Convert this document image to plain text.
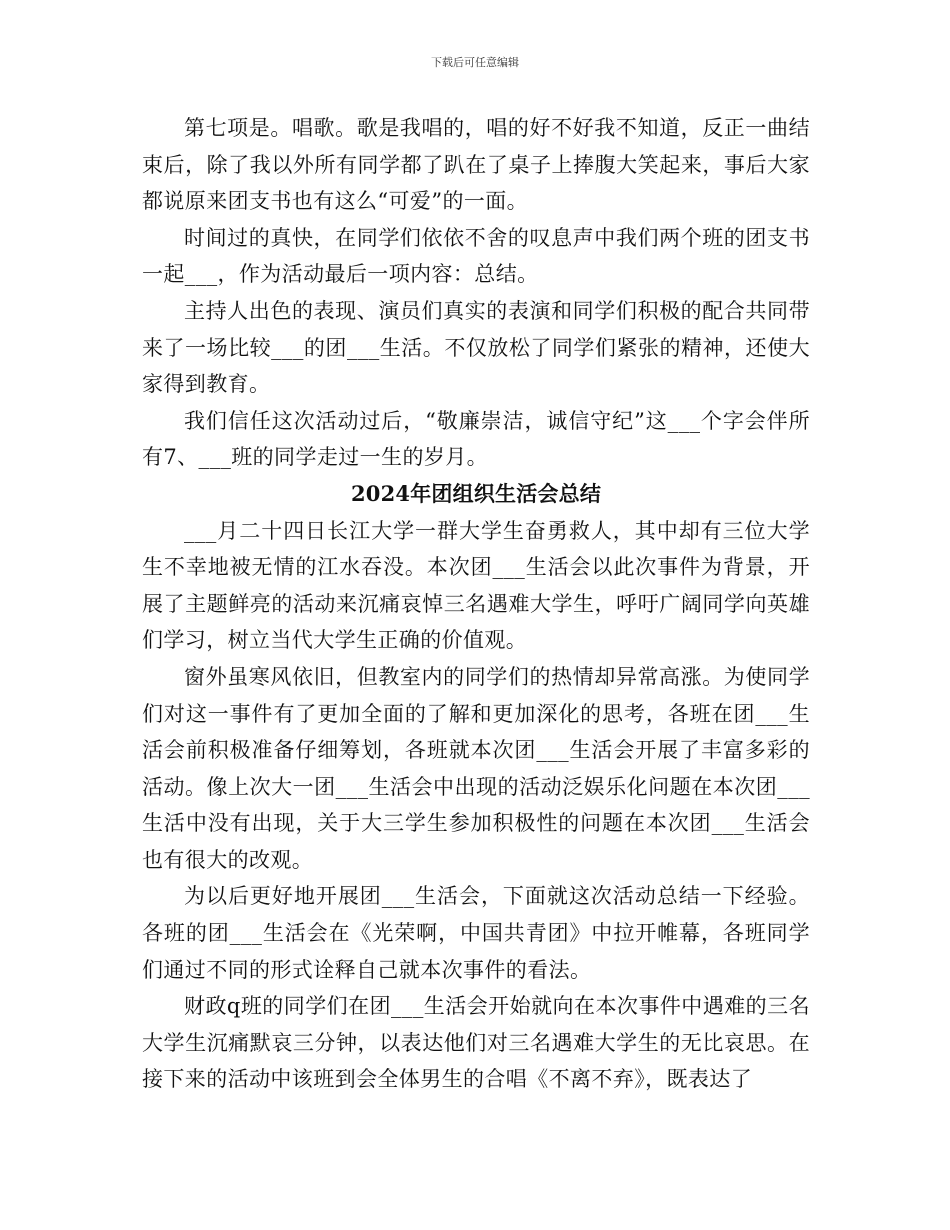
下载后可任意编辑

第七项是。唱歌。歌是我唱的，唱的好不好我不知道，反正一曲结束后，除了我以外所有同学都了趴在了桌子上捧腹大笑起来，事后大家都说原来团支书也有这么“可爱”的一面。

时间过的真快，在同学们依依不舍的叹息声中我们两个班的团支书一起___，作为活动最后一项内容：总结。

主持人出色的表现、演员们真实的表演和同学们积极的配合共同带来了一场比较___的团___生活。不仅放松了同学们紧张的精神，还使大家得到教育。

我们信任这次活动过后，“敬廉崇洁，诚信守纪”这___个字会伴所有7、___班的同学走过一生的岁月。

2024年团组织生活会总结

___月二十四日长江大学一群大学生奋勇救人，其中却有三位大学生不幸地被无情的江水吞没。本次团___生活会以此次事件为背景，开展了主题鲜亮的活动来沉痛哀悼三名遇难大学生，呼吁广阔同学向英雄们学习，树立当代大学生正确的价值观。

窗外虽寒风依旧，但教室内的同学们的热情却异常高涨。为使同学们对这一事件有了更加全面的了解和更加深化的思考，各班在团___生活会前积极准备仔细筹划，各班就本次团___生活会开展了丰富多彩的活动。像上次大一团___生活会中出现的活动泛娱乐化问题在本次团___生活中没有出现，关于大三学生参加积极性的问题在本次团___生活会也有很大的改观。

为以后更好地开展团___生活会，下面就这次活动总结一下经验。各班的团___生活会在《光荣啊，中国共青团》中拉开帷幕，各班同学们通过不同的形式诠释自己就本次事件的看法。

财政q班的同学们在团___生活会开始就向在本次事件中遇难的三名大学生沉痛默哀三分钟，以表达他们对三名遇难大学生的无比哀思。在接下来的活动中该班到会全体男生的合唱《不离不弃》，既表达了
